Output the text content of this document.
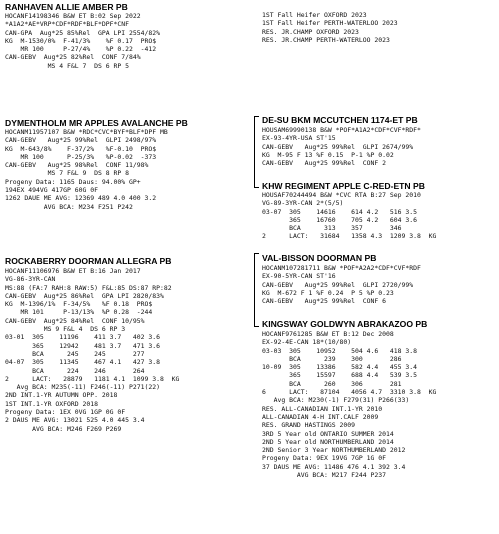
RANHAVEN ALLIE AMBER PB
HOCANF14198346 B&W ET B:02 Sep 2022
*A1A2*AE*VRP*CDF*RDF*BLF*DPF*CNF
CAN-GPA  Aug*25 85%Rel  GPA LPI 2554/82%
KG  M-1530/0%  F-41/3%    %F 0.17  PRO$
MR 100     P-27/4%    %P 0.22  -412
CAN-GEBV  Aug*25 82%Rel  CONF 7/84%
MS 4 F&L 7  DS 6 RP 5
1ST Fall Heifer OXFORD 2023
1ST Fall Heifer PERTH-WATERLOO 2023
RES. JR.CHAMP OXFORD 2023
RES. JR.CHAMP PERTH-WATERLOO 2023
DYMENTHOLM MR APPLES AVALANCHE PB
HOCANM11957107 B&W *RDC*CVC*BYF*BLF*DPF MB
CAN-GEBV   Aug*25 99%Rel  GLPI 2498/97%
KG  M-643/8%    F-37/2%   %F-0.10  PRO$
MR 100      P-25/3%   %P-0.02  -373
CAN-GEBV   Aug*25 98%Rel  CONF 11/98%
MS 7 F&L 9  DS 8 RP 8
Progeny Data: 1165 Daus: 94.00% GP+
194EX 494VG 417GP 60G 0F
1262 DAUE ME AVG: 12369 489 4.0 400 3.2
AVG BCA: M234 F251 P242
ROCKABERRY DOORMAN ALLEGRA PB
HOCANF11106976 B&W ET B:16 Jan 2017
VG-86-3YR-CAN
MS:88 (FA:7 RAH:8 RAW:5) F&L:85 DS:87 RP:82
CAN-GEBV  Aug*25 86%Rel  GPA LPI 2820/83%
KG  M-1396/1%  F-34/5%   %F 0.18  PRO$
MR 101     P-13/13%  %P 0.28  -244
CAN-GEBV  Aug*25 84%Rel  CONF 10/95%
MS 9 F&L 4  DS 6 RP 3
03-01  305    11196    411 3.7   402 3.6
365    12942    481 3.7   471 3.6
BCA      245    245       277
04-07  305    11345    467 4.1   427 3.8
BCA      224    246       264
2      LACT:   28879   1181 4.1  1099 3.8  KG
Avg BCA: M235(-11) F246(-11) P271(22)
2ND INT.1-YR AUTUMN OPP. 2018
1ST INT.1-YR OXFORD 2018
Progeny Data: 1EX 0VG 1GP 0G 0F
2 DAUS ME AVG: 13021 525 4.0 445 3.4
AVG BCA: M246 F269 P269
DE-SU BKM MCCUTCHEN 1174-ET PB
HOUSAM69990138 B&W *POF*A1A2*CDF*CVF*RDF*
EX-93-4YR-USA ST'15
CAN-GEBV   Aug*25 99%Rel  GLPI 2674/99%
KG  M-95 F 13 %F 0.15  P-1 %P 0.02
CAN-GEBV   Aug*25 99%Rel  CONF 2
KHW REGIMENT APPLE C-RED-ETN PB
HOUSAF70244494 B&W *CVC RTA B:27 Sep 2010
VG-89-3YR-CAN 2*(5/5)
03-07  305    14616    614 4.2   516 3.5
365    16760    705 4.2   604 3.6
BCA      313    357       346
2      LACT:   31684   1358 4.3  1209 3.8  KG
VAL-BISSON DOORMAN PB
HOCANM107281711 B&W *POF*A2A2*CDF*CVF*RDF
EX-90-5YR-CAN ST'16
CAN-GEBV   Aug*25 99%Rel  GLPI 2720/99%
KG  M-672 F 1 %F 0.24  P 5 %P 0.23
CAN-GEBV   Aug*25 99%Rel  CONF 6
KINGSWAY GOLDWYN ABRAKAZOO PB
HOCANF9761285 B&W ET B:12 Dec 2008
EX-92-4E-CAN 18*(10/80)
03-03  305    10952    504 4.6   418 3.8
BCA      239    300       286
10-09  305    13386    582 4.4   455 3.4
365    15597    688 4.4   539 3.5
BCA      260    306       281
6      LACT:   87104   4056 4.7  3310 3.8  KG
Avg BCA: M230(-1) F279(31) P266(33)
RES. ALL-CANADIAN INT.1-YR 2010
ALL-CANADIAN 4-H INT.CALF 2009
RES. GRAND HASTINGS 2009
3RD 5 Year old ONTARIO SUMMER 2014
2ND 5 Year old NORTHUMBERLAND 2014
2ND Senior 3 Year NORTHUMBERLAND 2012
Progeny Data: 9EX 19VG 7GP 1G 0F
37 DAUS ME AVG: 11486 476 4.1 392 3.4
AVG BCA: M217 F244 P237
